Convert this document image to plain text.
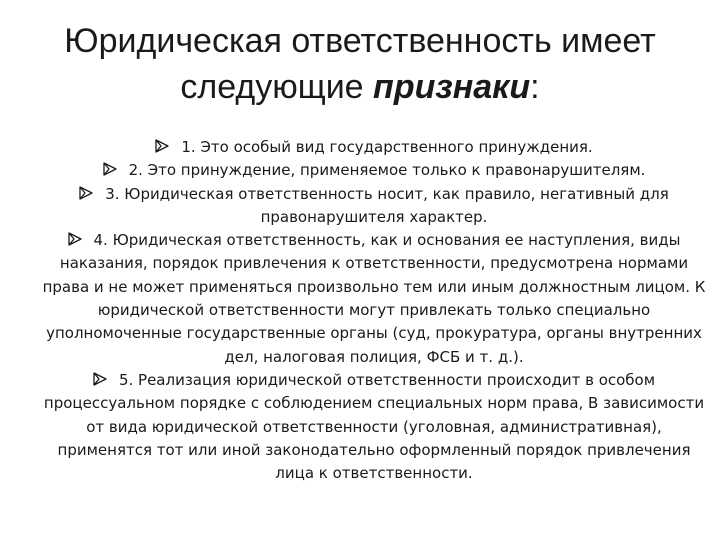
Юридическая ответственность имеет
следующие признаки:
1. Это особый вид государственного принуждения.
2. Это принуждение, применяемое только к правонарушителям.
3. Юридическая ответственность носит, как правило, негативный для правонарушителя характер.
4. Юридическая ответственность, как и основания ее наступления, виды наказания, порядок привлечения к ответственности, предусмотрена нормами права и не может применяться произвольно тем или иным должностным лицом. К юридической ответственности могут привлекать только специально уполномоченные государственные органы (суд, прокуратура, органы внутренних дел, налоговая полиция, ФСБ и т. д.).
5. Реализация юридической ответственности происходит в особом процессуальном порядке с соблюдением специальных норм права, В зависимости от вида юридической ответственности (уголовная, административная), применятся тот или иной законодательно оформленный порядок привлечения лица к ответственности.
